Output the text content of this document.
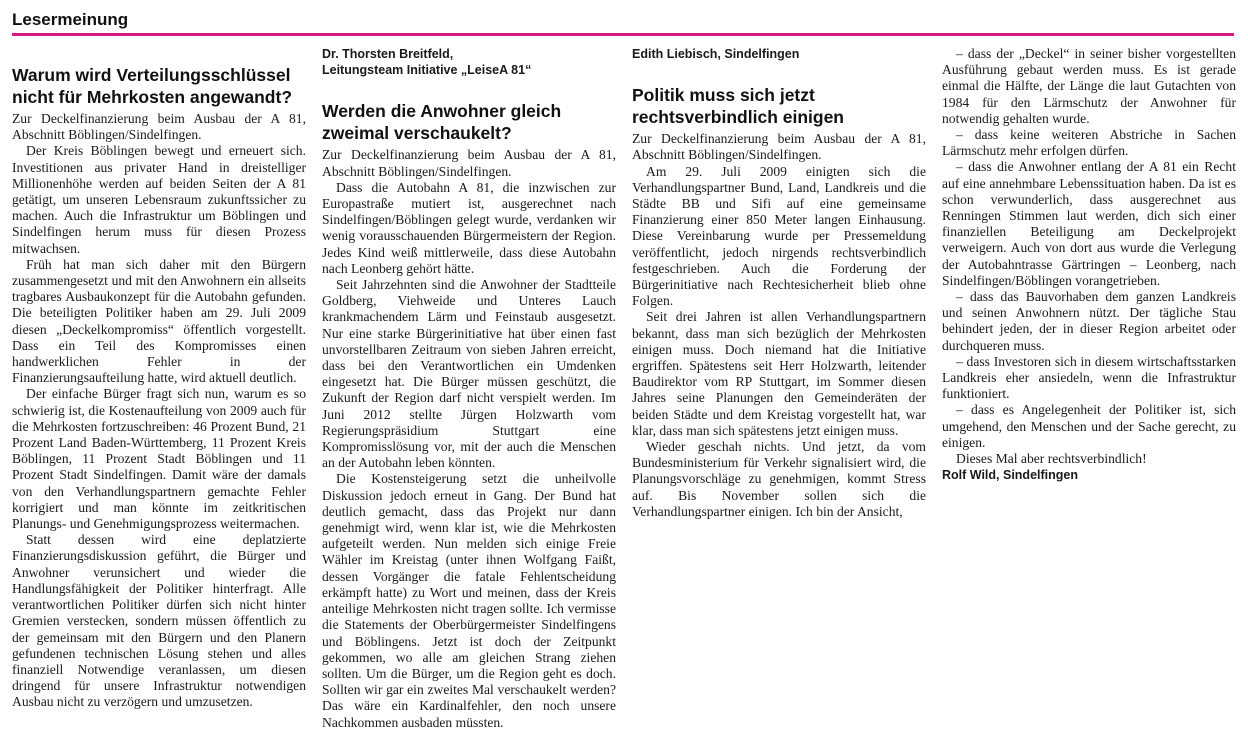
Lesermeinung
Warum wird Verteilungsschlüssel nicht für Mehrkosten angewandt?

Zur Deckelfinanzierung beim Ausbau der A 81, Abschnitt Böblingen/Sindelfingen.

Der Kreis Böblingen bewegt und erneuert sich. Investitionen aus privater Hand in dreistelliger Millionenhöhe werden auf beiden Seiten der A 81 getätigt, um unseren Lebensraum zukunftssicher zu machen. Auch die Infrastruktur um Böblingen und Sindelfingen herum muss für diesen Prozess mitwachsen.

Früh hat man sich daher mit den Bürgern zusammengesetzt und mit den Anwohnern ein allseits tragbares Ausbaukonzept für die Autobahn gefunden. Die beteiligten Politiker haben am 29. Juli 2009 diesen „Deckelkompromiss“ öffentlich vorgestellt. Dass ein Teil des Kompromisses einen handwerklichen Fehler in der Finanzierungsaufteilung hatte, wird aktuell deutlich.

Der einfache Bürger fragt sich nun, warum es so schwierig ist, die Kostenaufteilung von 2009 auch für die Mehrkosten fortzuschreiben: 46 Prozent Bund, 21 Prozent Land Baden-Württemberg, 11 Prozent Kreis Böblingen, 11 Prozent Stadt Böblingen und 11 Prozent Stadt Sindelfingen. Damit wäre der damals von den Verhandlungspartnern gemachte Fehler korrigiert und man könnte im zeitkritischen Planungs- und Genehmigungsprozess weitermachen.

Statt dessen wird eine deplatzierte Finanzierungsdiskussion geführt, die Bürger und Anwohner verunsichert und wieder die Handlungsfähigkeit der Politiker hinterfragt. Alle verantwortlichen Politiker dürfen sich nicht hinter Gremien verstecken, sondern müssen öffentlich zu der gemeinsam mit den Bürgern und den Planern gefundenen technischen Lösung stehen und alles finanziell Notwendige veranlassen, um diesen dringend für unsere Infrastruktur notwendigen Ausbau nicht zu verzögern und umzusetzen.

Dr. Thorsten Breitfeld,
Leitungsteam Initiative „LeiseA 81“
Werden die Anwohner gleich zweimal verschaukelt?

Zur Deckelfinanzierung beim Ausbau der A 81, Abschnitt Böblingen/Sindelfingen.

Dass die Autobahn A 81, die inzwischen zur Europastraße mutiert ist, ausgerechnet nach Sindelfingen/Böblingen gelegt wurde, verdanken wir wenig vorausschauenden Bürgermeistern der Region. Jedes Kind weiß mittlerweile, dass diese Autobahn nach Leonberg gehört hätte.

Seit Jahrzehnten sind die Anwohner der Stadtteile Goldberg, Viehweide und Unteres Lauch krankmachendem Lärm und Feinstaub ausgesetzt. Nur eine starke Bürgerinitiative hat über einen fast unvorstellbaren Zeitraum von sieben Jahren erreicht, dass bei den Verantwortlichen ein Umdenken eingesetzt hat. Die Bürger müssen geschützt, die Zukunft der Region darf nicht verspielt werden. Im Juni 2012 stellte Jürgen Holzwarth vom Regierungspräsidium Stuttgart eine Kompromisslösung vor, mit der auch die Menschen an der Autobahn leben könnten.

Die Kostensteigerung setzt die unheilvolle Diskussion jedoch erneut in Gang. Der Bund hat deutlich gemacht, dass das Projekt nur dann genehmigt wird, wenn klar ist, wie die Mehrkosten aufgeteilt werden. Nun melden sich einige Freie Wähler im Kreistag (unter ihnen Wolfgang Faißt, dessen Vorgänger die fatale Fehlentscheidung erkämpft hatte) zu Wort und meinen, dass der Kreis anteilige Mehrkosten nicht tragen sollte. Ich vermisse die Statements der Oberbürgermeister Sindelfingens und Böblingens. Jetzt ist doch der Zeitpunkt gekommen, wo alle am gleichen Strang ziehen sollten. Um die Bürger, um die Region geht es doch. Sollten wir gar ein zweites Mal verschaukelt werden? Das wäre ein Kardinalfehler, den noch unsere Nachkommen ausbaden müssten.

Edith Liebisch, Sindelfingen
Politik muss sich jetzt rechtsverbindlich einigen

Zur Deckelfinanzierung beim Ausbau der A 81, Abschnitt Böblingen/Sindelfingen.

Am 29. Juli 2009 einigten sich die Verhandlungspartner Bund, Land, Landkreis und die Städte BB und Sifi auf eine gemeinsame Finanzierung einer 850 Meter langen Einhausung. Diese Vereinbarung wurde per Pressemeldung veröffentlicht, jedoch nirgends rechtsverbindlich festgeschrieben. Auch die Forderung der Bürgerinitiative nach Rechtesicherheit blieb ohne Folgen.

Seit drei Jahren ist allen Verhandlungspartnern bekannt, dass man sich bezüglich der Mehrkosten einigen muss. Doch niemand hat die Initiative ergriffen. Spätestens seit Herr Holzwarth, leitender Baudirektor vom RP Stuttgart, im Sommer diesen Jahres seine Planungen den Gemeinderäten der beiden Städte und dem Kreistag vorgestellt hat, war klar, dass man sich spätestens jetzt einigen muss.

Wieder geschah nichts. Und jetzt, da vom Bundesministerium für Verkehr signalisiert wird, die Planungsvorschläge zu genehmigen, kommt Stress auf. Bis November sollen sich die Verhandlungspartner einigen. Ich bin der Ansicht,

– dass der „Deckel“ in seiner bisher vorgestellten Ausführung gebaut werden muss. Es ist gerade einmal die Hälfte, der Länge die laut Gutachten von 1984 für den Lärmschutz der Anwohner für notwendig gehalten wurde.

– dass keine weiteren Abstriche in Sachen Lärmschutz mehr erfolgen dürfen.

– dass die Anwohner entlang der A 81 ein Recht auf eine annehmbare Lebenssituation haben. Da ist es schon verwunderlich, dass ausgerechnet aus Renningen Stimmen laut werden, dich sich einer finanziellen Beteiligung am Deckelprojekt verweigern. Auch von dort aus wurde die Verlegung der Autobahntrasse Gärtringen – Leonberg, nach Sindelfingen/Böblingen vorangetrieben.

– dass das Bauvorhaben dem ganzen Landkreis und seinen Anwohnern nützt. Der tägliche Stau behindert jeden, der in dieser Region arbeitet oder durchqueren muss.

– dass Investoren sich in diesem wirtschaftsstarken Landkreis eher ansiedeln, wenn die Infrastruktur funktioniert.

– dass es Angelegenheit der Politiker ist, sich umgehend, den Menschen und der Sache gerecht, zu einigen.

Dieses Mal aber rechtsverbindlich!

Rolf Wild, Sindelfingen
